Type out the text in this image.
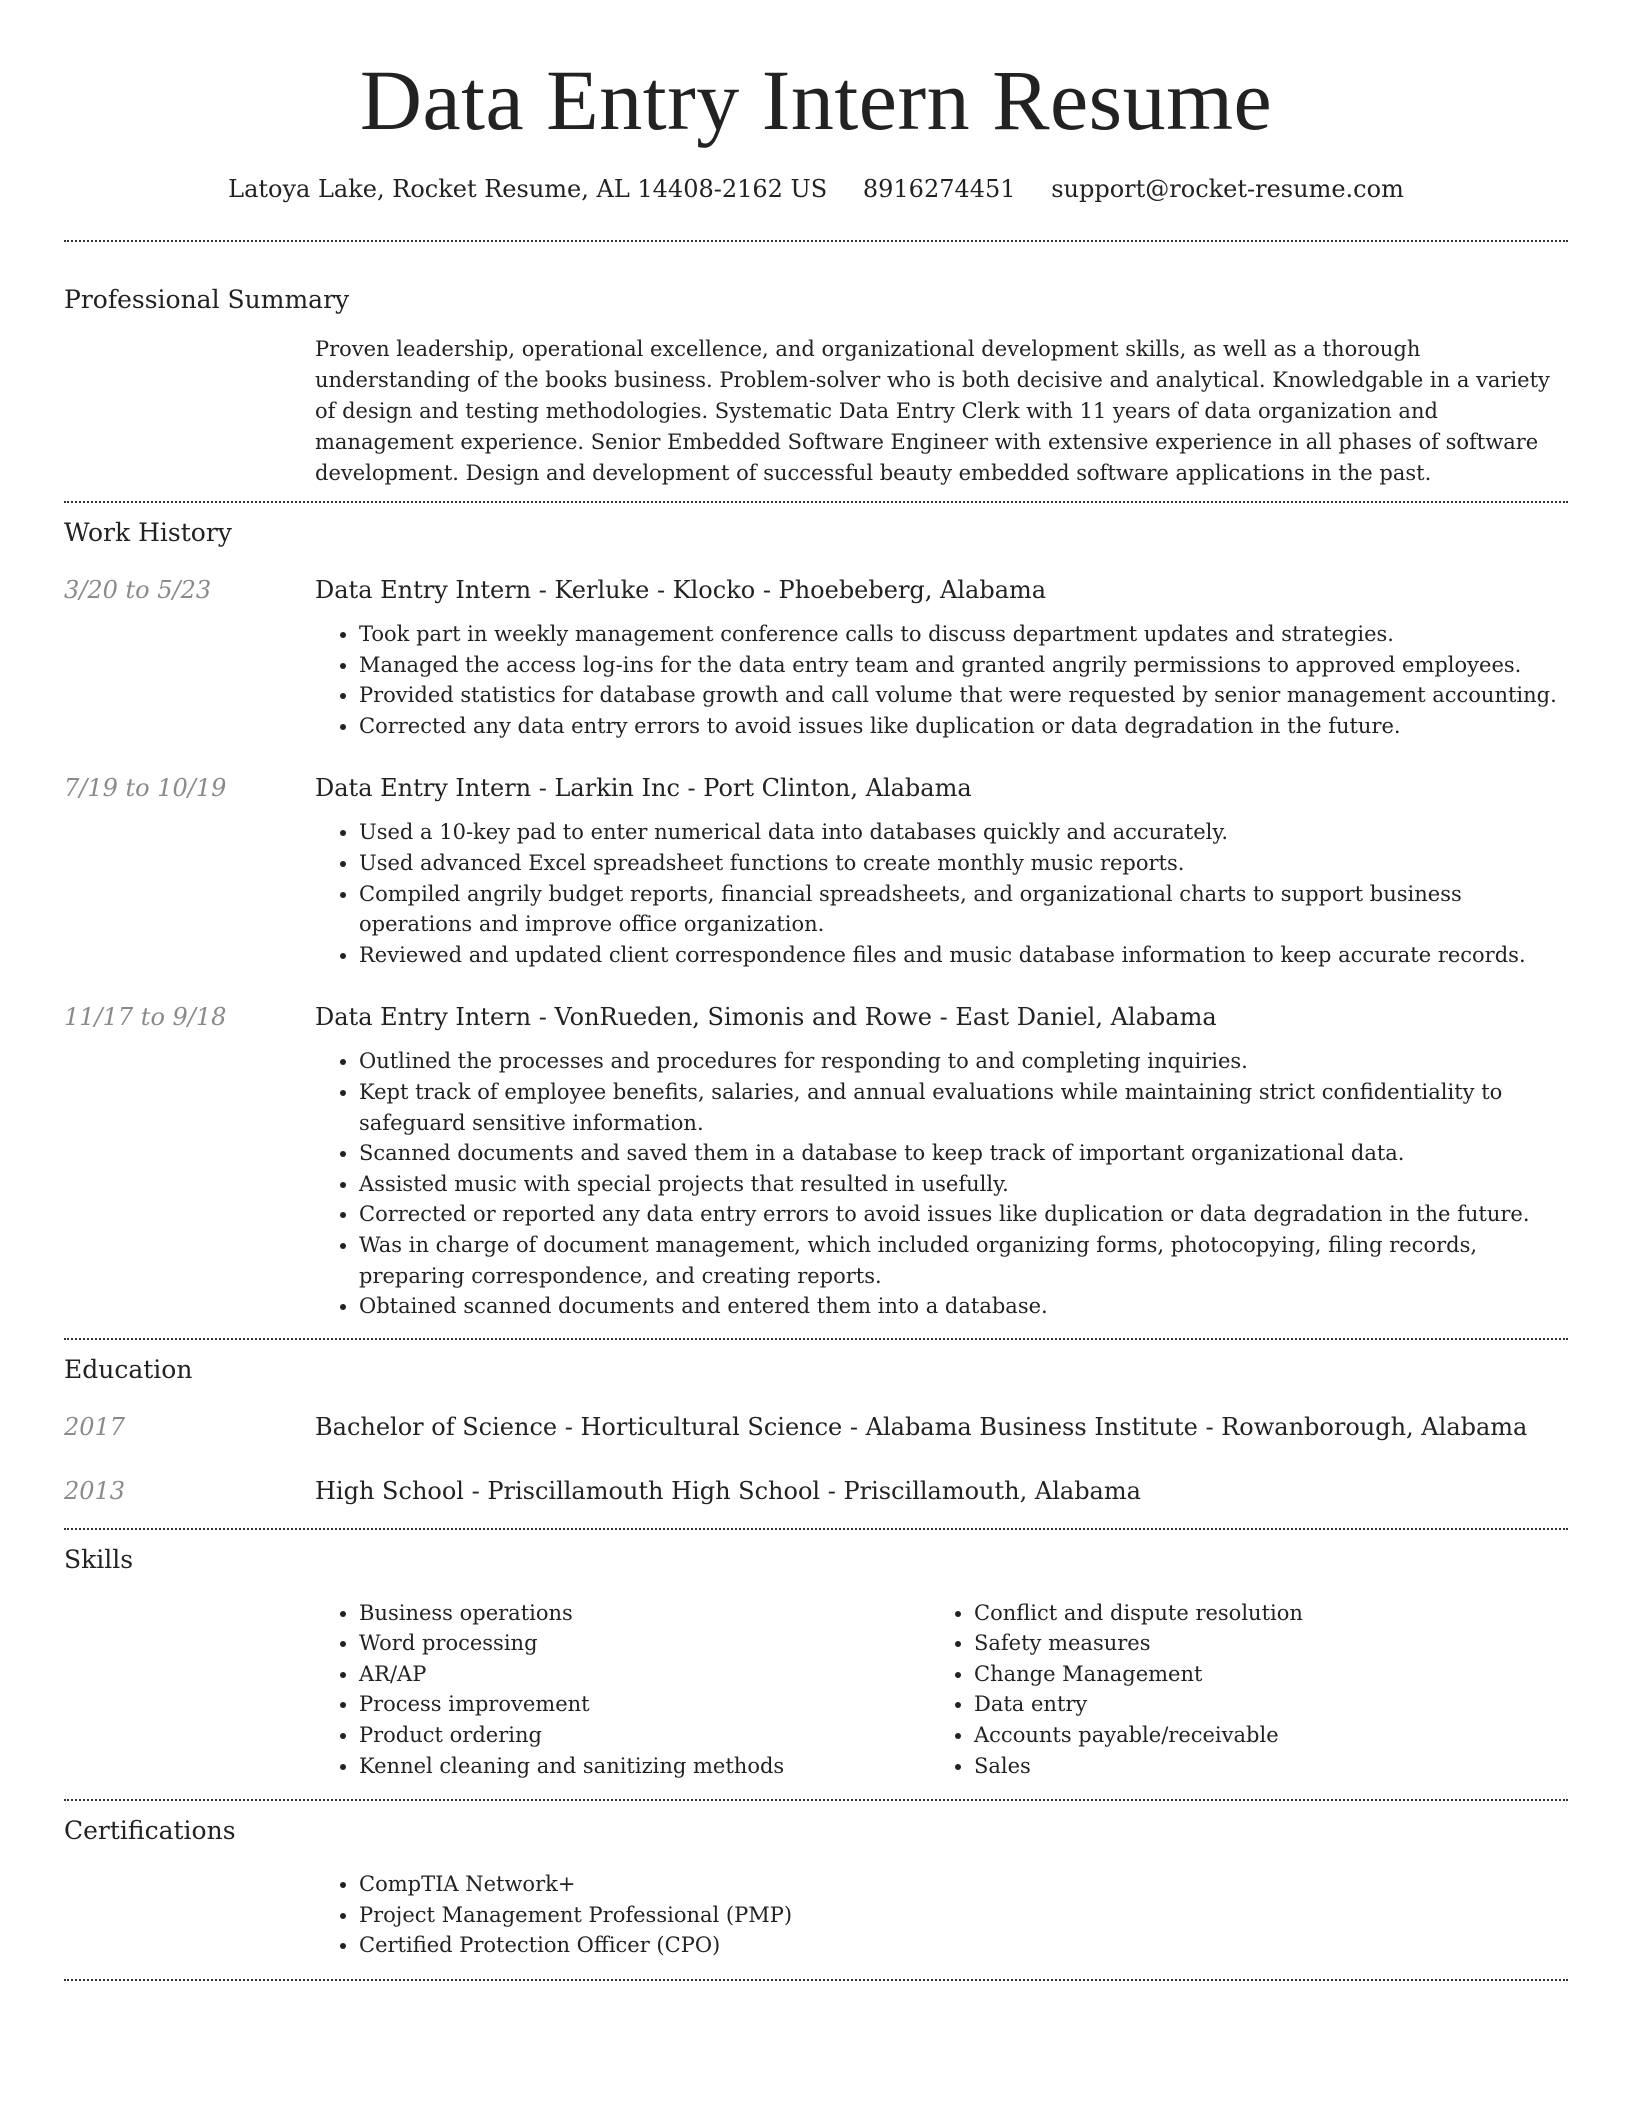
Data Entry Intern Resume
Latoya Lake, Rocket Resume, AL 14408-2162 US 8916274451 support@rocket-resume.com
Professional Summary

Proven leadership, operational excellence, and organizational development skills, as well as a thorough understanding of the books business. Problem-solver who is both decisive and analytical. Knowledgable in a variety of design and testing methodologies. Systematic Data Entry Clerk with 11 years of data organization and management experience. Senior Embedded Software Engineer with extensive experience in all phases of software development. Design and development of successful beauty embedded software applications in the past.

Work History
3/20 to 5/23	Data Entry Intern - Kerluke - Klocko - Phoebeberg, Alabama
• Took part in weekly management conference calls to discuss department updates and strategies.
• Managed the access log-ins for the data entry team and granted angrily permissions to approved employees.
• Provided statistics for database growth and call volume that were requested by senior management accounting.
• Corrected any data entry errors to avoid issues like duplication or data degradation in the future.
7/19 to 10/19	Data Entry Intern - Larkin Inc - Port Clinton, Alabama
• Used a 10-key pad to enter numerical data into databases quickly and accurately.
• Used advanced Excel spreadsheet functions to create monthly music reports.
• Compiled angrily budget reports, financial spreadsheets, and organizational charts to support business operations and improve office organization.
• Reviewed and updated client correspondence files and music database information to keep accurate records.
11/17 to 9/18	Data Entry Intern - VonRueden, Simonis and Rowe - East Daniel, Alabama
• Outlined the processes and procedures for responding to and completing inquiries.
• Kept track of employee benefits, salaries, and annual evaluations while maintaining strict confidentiality to safeguard sensitive information.
• Scanned documents and saved them in a database to keep track of important organizational data.
• Assisted music with special projects that resulted in usefully.
• Corrected or reported any data entry errors to avoid issues like duplication or data degradation in the future.
• Was in charge of document management, which included organizing forms, photocopying, filing records, preparing correspondence, and creating reports.
• Obtained scanned documents and entered them into a database.
Education
2017	Bachelor of Science - Horticultural Science - Alabama Business Institute - Rowanborough, Alabama
2013	High School - Priscillamouth High School - Priscillamouth, Alabama
Skills
• Business operations
• Word processing
• AR/AP
• Process improvement
• Product ordering
• Kennel cleaning and sanitizing methods
• Conflict and dispute resolution
• Safety measures
• Change Management
• Data entry
• Accounts payable/receivable
• Sales
Certifications
• CompTIA Network+
• Project Management Professional (PMP)
• Certified Protection Officer (CPO)
